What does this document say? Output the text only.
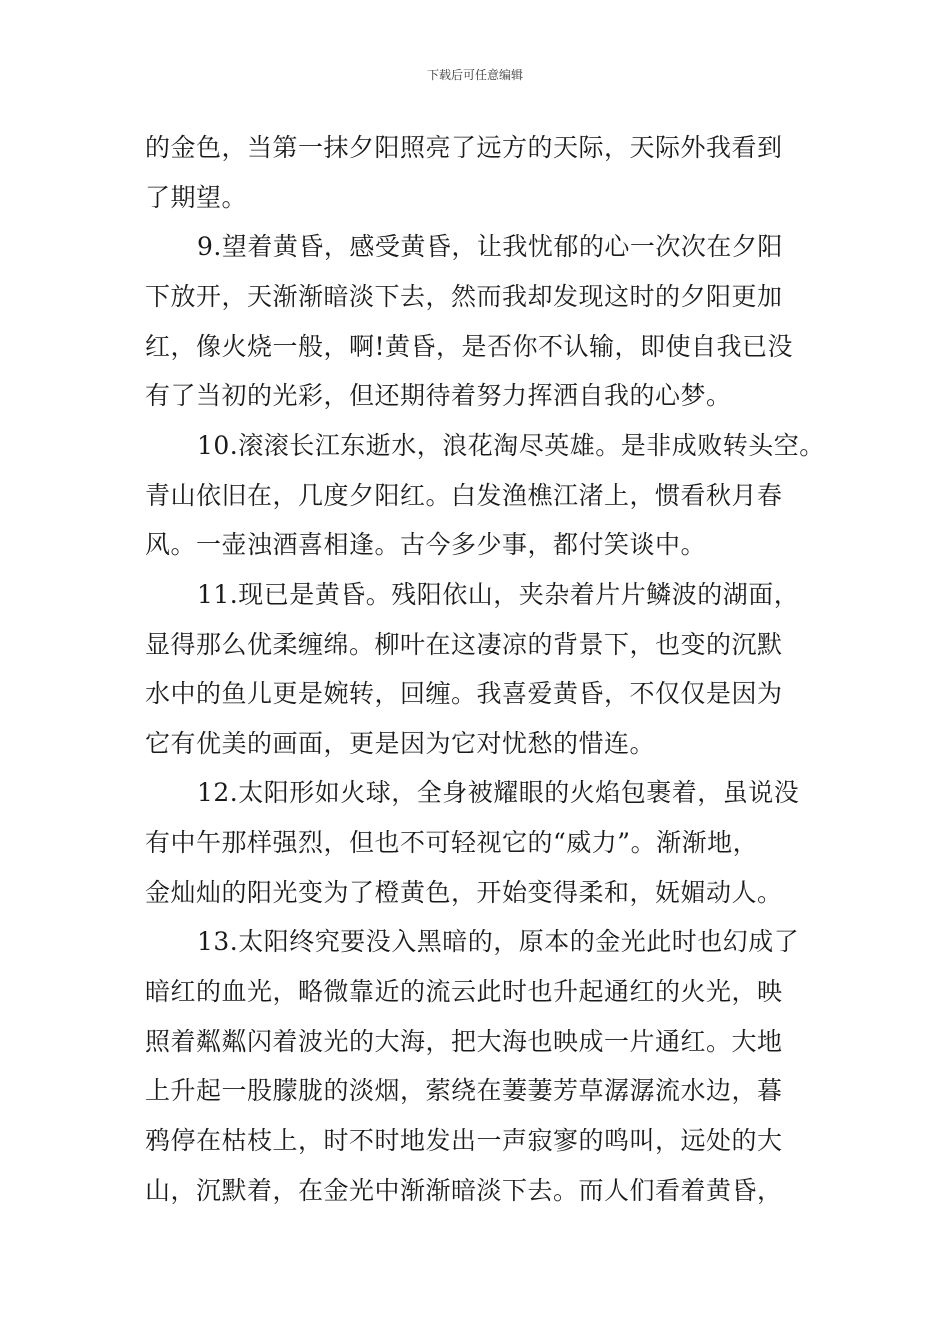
下载后可任意编辑
的金色，当第一抹夕阳照亮了远方的天际，天际外我看到
了期望。
9.望着黄昏，感受黄昏，让我忧郁的心一次次在夕阳
下放开，天渐渐暗淡下去，然而我却发现这时的夕阳更加
红，像火烧一般，啊!黄昏，是否你不认输，即使自我已没
有了当初的光彩，但还期待着努力挥洒自我的心梦。
10.滚滚长江东逝水，浪花淘尽英雄。是非成败转头空。
青山依旧在，几度夕阳红。白发渔樵江渚上，惯看秋月春
风。一壶浊酒喜相逢。古今多少事，都付笑谈中。
11.现已是黄昏。残阳依山，夹杂着片片鳞波的湖面，
显得那么优柔缠绵。柳叶在这凄凉的背景下，也变的沉默
水中的鱼儿更是婉转，回缠。我喜爱黄昏，不仅仅是因为
它有优美的画面，更是因为它对忧愁的惜连。
12.太阳形如火球，全身被耀眼的火焰包裹着，虽说没
有中午那样强烈，但也不可轻视它的“威力”。渐渐地，
金灿灿的阳光变为了橙黄色，开始变得柔和，妩媚动人。
13.太阳终究要没入黑暗的，原本的金光此时也幻成了
暗红的血光，略微靠近的流云此时也升起通红的火光，映
照着粼粼闪着波光的大海，把大海也映成一片通红。大地
上升起一股朦胧的淡烟，萦绕在萋萋芳草潺潺流水边，暮
鸦停在枯枝上，时不时地发出一声寂寥的鸣叫，远处的大
山，沉默着，在金光中渐渐暗淡下去。而人们看着黄昏，
